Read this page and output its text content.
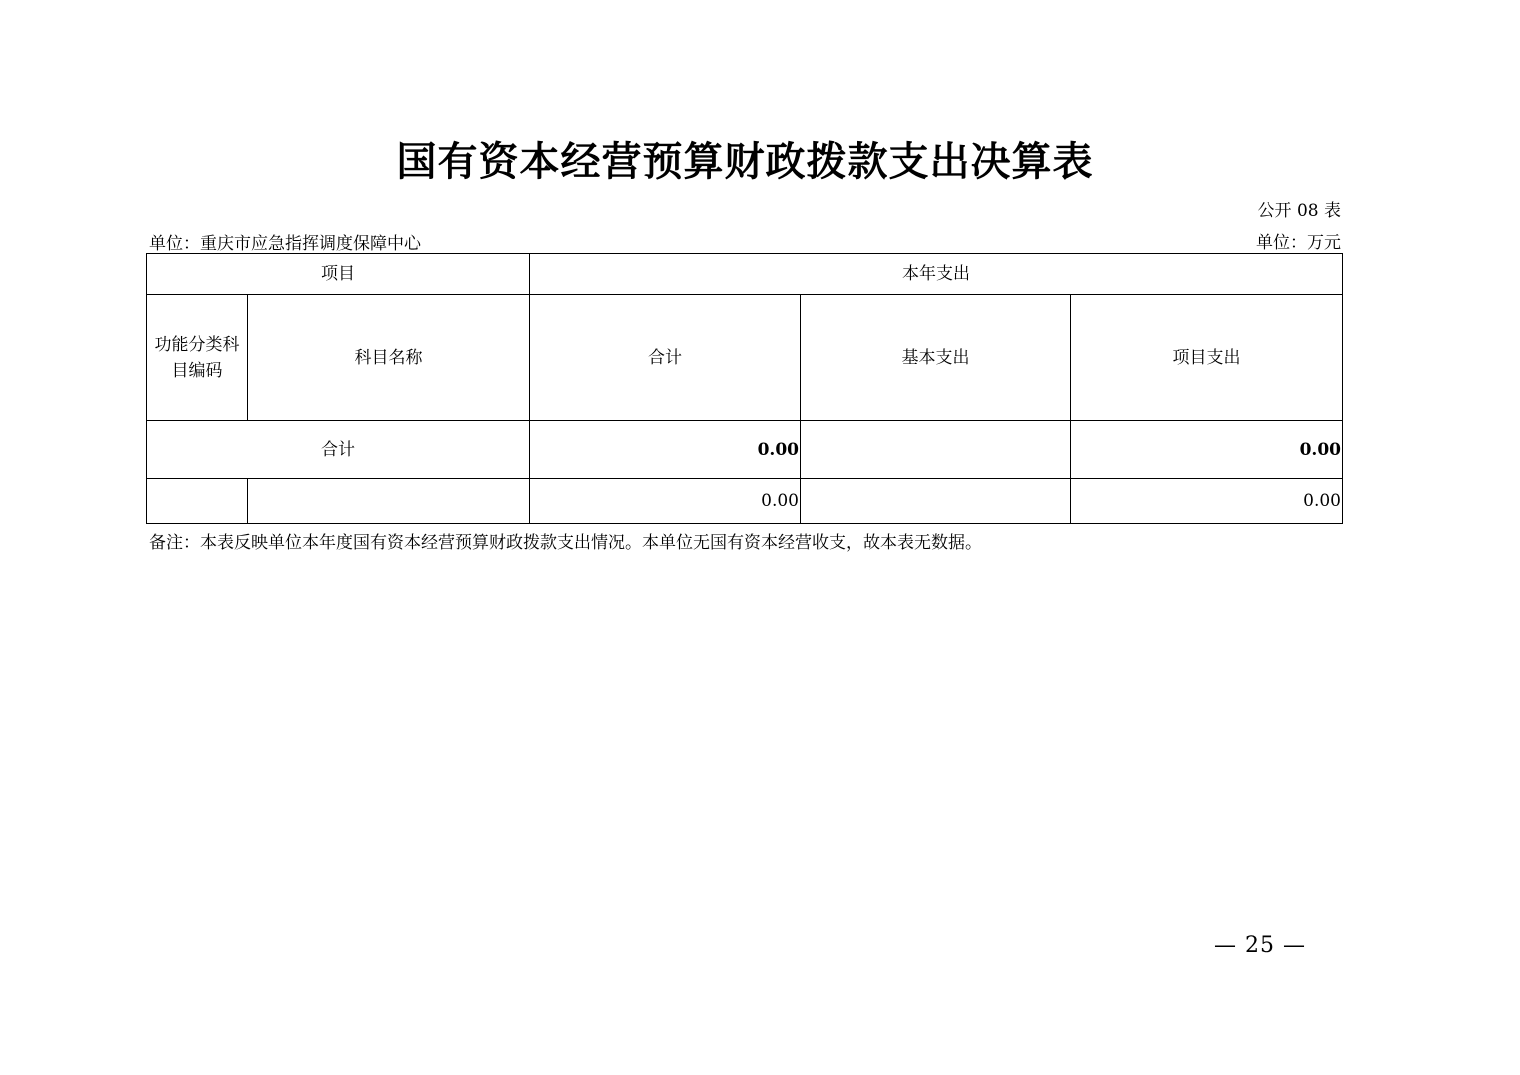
国有资本经营预算财政拨款支出决算表
公开 08 表
单位：重庆市应急指挥调度保障中心	单位：万元
项目		本年支出		
功能分类科目编码	科目名称	合计	基本支出	项目支出
合计		0.00		0.00
		0.00		0.00
备注：本表反映单位本年度国有资本经营预算财政拨款支出情况。本单位无国有资本经营收支，故本表无数据。
— 25 —
